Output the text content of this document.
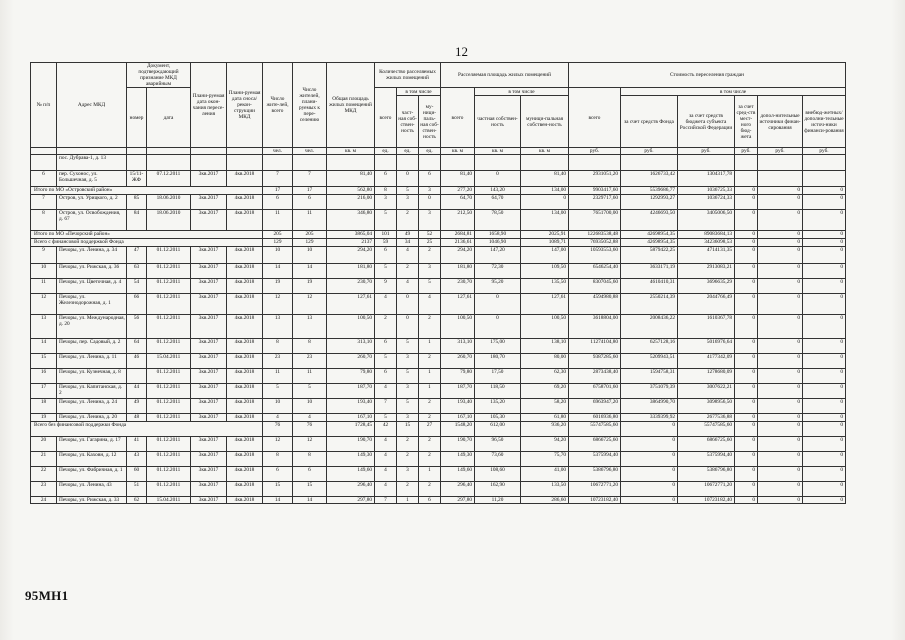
12
№ п/п	Адрес МКД	Документ, подтверждающий признание МКД аварийным		Плани-руемая дата окон-чания пересе-ления	Плани-руемая дата сноса/ рекон-струкции МКД	Число жите-лей, всего	Число жителей, плани-руемых к пере-селению	Общая площадь жилых помещений МКД	Количество расселяемых жилых помещений			Расселяемая площадь жилых помещений			Стоимость переселения граждан					
		номер	дата						всего	в том числе		всего	в том числе		всего	в том числе				
										част-ная соб-ствен-ность	му-ници-паль-ная соб-ствен-ность		частная собствен-ность	муници-пальная собствен-ность		за счет средств Фонда	за счет средств бюджета субъекта Российской Федерации	за счет сред-ств мест-ного бюд-жета	допол-нительные источники финан-сирования	внебюд-жетных/ дополни-тельные источ-ники финанси-рования
						чел.	чел.	кв. м	ед.	ед.	ед.	кв. м	кв. м	кв. м	руб.	руб.	руб.	руб.	руб.	руб.
	пос. Дубрава-1, д. 13																			
6	пер. Сухонос, ул. Большечная, д. 5	15/11-ЖФ	07.12.2011	3кв.2017	4кв.2018	7	7	81,40	6	0	6	81,40	0	81,40	2931051,20	1626733,42	1304317,78			
Итого по МО «Островский район»						17	17	562,80	8	5	3	277,20	143,20	134,00	9903417,60	5539686,77	1036725,33	0	0	0
7	Остров, ул. Урицкого, д. 2	85	18.06.2010	3кв.2017	4кв.2018	6	6	216,00	3	3	0	64,70	64,70	0	2329717,60	1292993,27	1036724,33	0	0	0
8	Остров, ул. Освобождения, д. 67	84	18.06.2010	3кв.2017	4кв.2018	11	11	346,80	5	2	3	212,50	78,50	134,00	7651700,00	4246693,50	3405006,50	0	0	0
Итого по МО «Печорский район»						205	205	3865,04	101	49	52	2684,81	1658,90	2025,91	122683538,48	42698954,35	89083684,13	0	0	0
Всего с финансовой поддержкой Фонда						129	129	2137	59	34	25	2136,61	1046,90	1089,71	76935052,88	42698954,35	34236098,53	0	0	0
9	Печоры, ул. Ленина, д. 34	47	01.12.2011	3кв.2017	4кв.2018	10	10	294,20	6	4	2	294,20	147,20	147,00	10593553,60	5879422,25	4714131,35	0	0	0
10	Печоры, ул. Рижская, д. 36	63	01.12.2011	3кв.2017	4кв.2018	14	14	181,80	5	2	3	181,80	72,30	109,50	6546254,40	3633171,19	2913083,21	0	0	0
11	Печоры, ул. Цветочная, д. 4	54	01.12.2011	3кв.2017	4кв.2018	19	19	230,70	9	4	5	230,70	95,20	135,50	8307045,60	4610410,31	3696635,29	0	0	0
12	Печоры, ул. Железнодорожная, д. 1	66	01.12.2011	3кв.2017	4кв.2018	12	12	127,61	4	0	4	127,61	0	127,61	4594980,88	2550214,39	2044766,49	0	0	0
13	Печоры, ул. Международная, д. 20	56	01.12.2011	3кв.2017	4кв.2018	13	13	100,50	2	0	2	100,50	0	100,50	3618804,00	2008436,22	1610367,78	0	0	0
14	Печоры, пер. Садовый, д. 2	64	01.12.2011	3кв.2017	4кв.2018	8	8	313,10	6	5	1	313,10	175,00	138,10	11274104,80	6257128,16	5016976,64	0	0	0
15	Печоры, ул. Ленина, д. 11	46	15.04.2011	3кв.2017	4кв.2018	23	23	260,70	5	3	2	260,70	180,70	80,00	9387285,60	5209943,51	4177342,09	0	0	0
16	Печоры, ул. Кузнечная, д. 8		01.12.2011	3кв.2017	4кв.2018	11	11	79,80	6	5	1	79,80	17,50	62,30	2873438,40	1594758,31	1278680,09	0	0	0
17	Печоры, ул. Капитанская, д. 2	44	01.12.2011	3кв.2017	4кв.2018	5	5	187,70	4	3	1	187,70	118,50	69,20	6758701,60	3751079,39	3007622,21	0	0	0
18	Печоры, ул. Ленина, д. 24	49	01.12.2011	3кв.2017	4кв.2018	10	10	193,40	7	5	2	193,40	135,20	58,20	6963947,20	3864990,70	3098956,50	0	0	0
19	Печоры, ул. Ленина, д. 20	48	01.12.2011	3кв.2017	4кв.2018	4	4	167,10	5	3	2	167,10	105,30	61,80	6016936,80	3339399,92	2677536,88	0	0	0
Всего без финансовой поддержки Фонда						76	76	1728,45	42	15	27	1548,20	612,00	936,20	55747585,60	0	55747585,60	0	0	0
20	Печоры, ул. Гагарина, д. 17	41	01.12.2011	3кв.2017	4кв.2018	12	12	190,70	4	2	2	190,70	96,50	94,20	6866725,60	0	6866725,60	0	0	0
21	Печоры, ул. Каховн, д. 12	43	01.12.2011	3кв.2017	4кв.2018	8	8	149,30	4	2	2	149,30	73,60	75,70	5375994,40	0	5375994,40	0	0	0
22	Печоры, ул. Фабричная, д. 1	60	01.12.2011	3кв.2017	4кв.2018	6	6	149,60	4	3	1	149,60	108,60	41,00	5386796,80	0	5386796,80	0	0	0
23	Печоры, ул. Ленина, 43	51	01.12.2011	3кв.2017	4кв.2018	15	15	296,40	4	2	2	296,40	162,90	133,50	10672771,20	0	10672771,20	0	0	0
24	Печоры, ул. Рижская, д. 33	62	15.04.2011	3кв.2017	4кв.2018	14	14	297,80	7	1	6	297,80	11,20	286,60	10723182,40	0	10723182,40	0	0	0
95MH1
